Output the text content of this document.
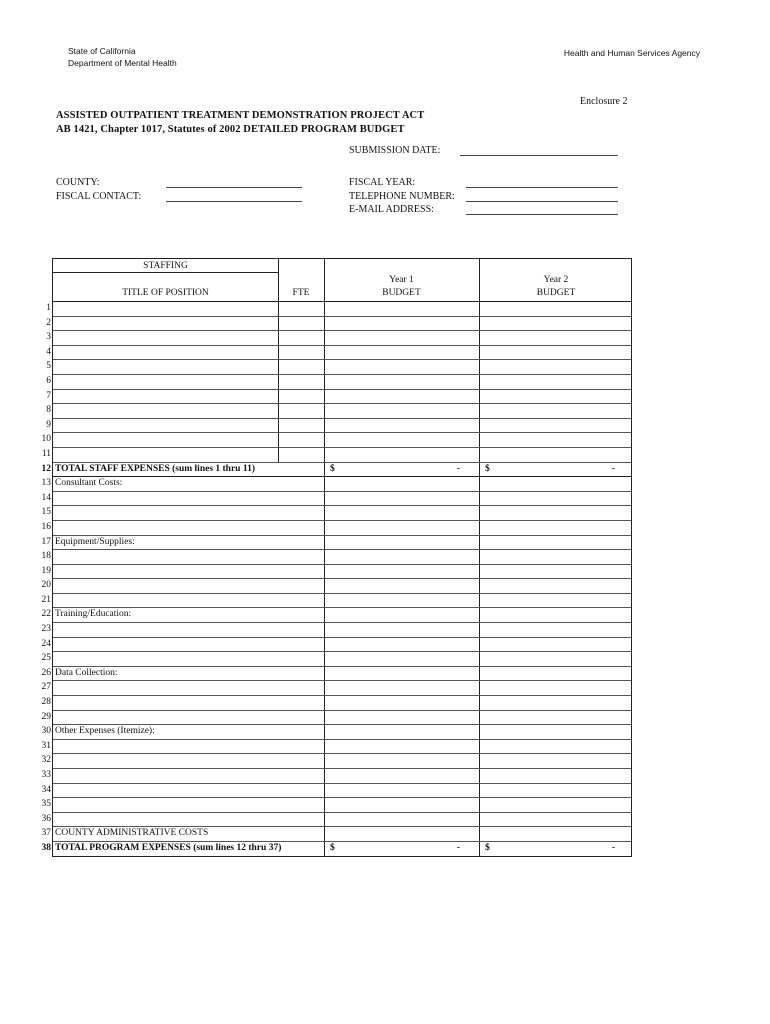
State of California
Department of Mental Health
Health and Human Services Agency
Enclosure 2
ASSISTED OUTPATIENT TREATMENT DEMONSTRATION PROJECT ACT
AB 1421, Chapter 1017, Statutes of 2002 DETAILED PROGRAM BUDGET
SUBMISSION DATE:
COUNTY:
FISCAL CONTACT:
FISCAL YEAR:
TELEPHONE NUMBER:
E-MAIL ADDRESS:
STAFFING
TITLE OF POSITION	FTE
Year 1
BUDGET
Year 2
BUDGET
1
2
3
4
5
6
7
8
9
10
11
12 TOTAL STAFF EXPENSES (sum lines 1 thru 11)	$	-	$	-
13 Consultant Costs:
14
15
16
17 Equipment/Supplies:
18
19
20
21
22 Training/Education:
23
24
25
26 Data Collection:
27
28
29
30 Other Expenses (Itemize):
31
32
33
34
35
36
37 COUNTY ADMINISTRATIVE COSTS
38 TOTAL PROGRAM EXPENSES (sum lines 12 thru 37)	$	-	$	-
